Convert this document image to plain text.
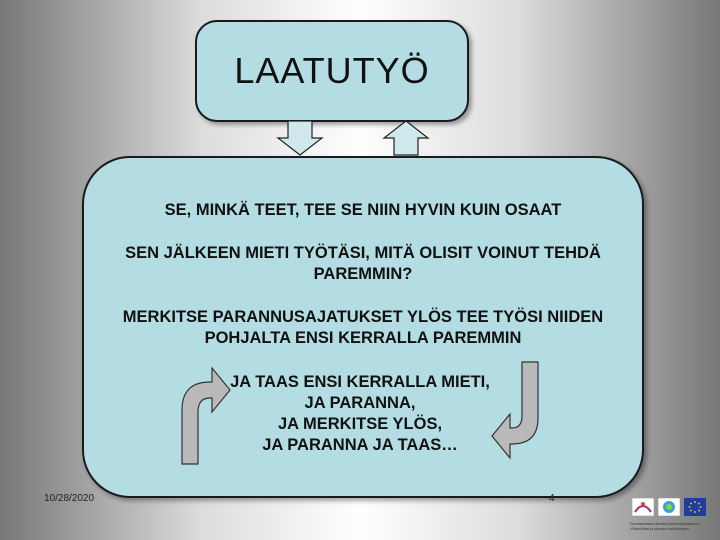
LAATUTYÖ
SE, MINKÄ TEET, TEE SE NIIN HYVIN KUIN OSAAT
SEN JÄLKEEN MIETI TYÖTÄSI, MITÄ OLISIT VOINUT TEHDÄ
PAREMMIN?
MERKITSE PARANNUSAJATUKSET YLÖS TEE TYÖSI NIIDEN
POHJALTA ENSI KERRALLA PAREMMIN
JA TAAS ENSI KERRALLA MIETI,
JA PARANNA,
JA MERKITSE YLÖS,
JA PARANNA JA TAAS…
10/28/2020	4
" Suuntaamasta oikeaksi palvelusta kasvuun"
- Yhteisölliset ja palvelun kehittämisen
